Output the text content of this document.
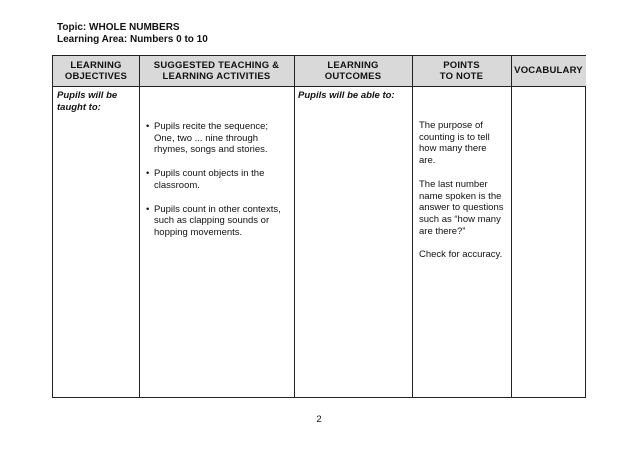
Topic: WHOLE NUMBERS
Learning Area: Numbers 0 to 10
LEARNING
OBJECTIVES
SUGGESTED TEACHING &
LEARNING ACTIVITIES
LEARNING
OUTCOMES
POINTS
TO NOTE
VOCABULARY
Pupils will be
taught to:
Pupils will be able to:
• Pupils recite the sequence;
One, two ... nine through
rhymes, songs and stories.
• Pupils count objects in the
classroom.
• Pupils count in other contexts,
such as clapping sounds or
hopping movements.

The purpose of
counting is to tell
how many there
are.

The last number
name spoken is the
answer to questions
such as “how many
are there?”

Check for accuracy.

2
